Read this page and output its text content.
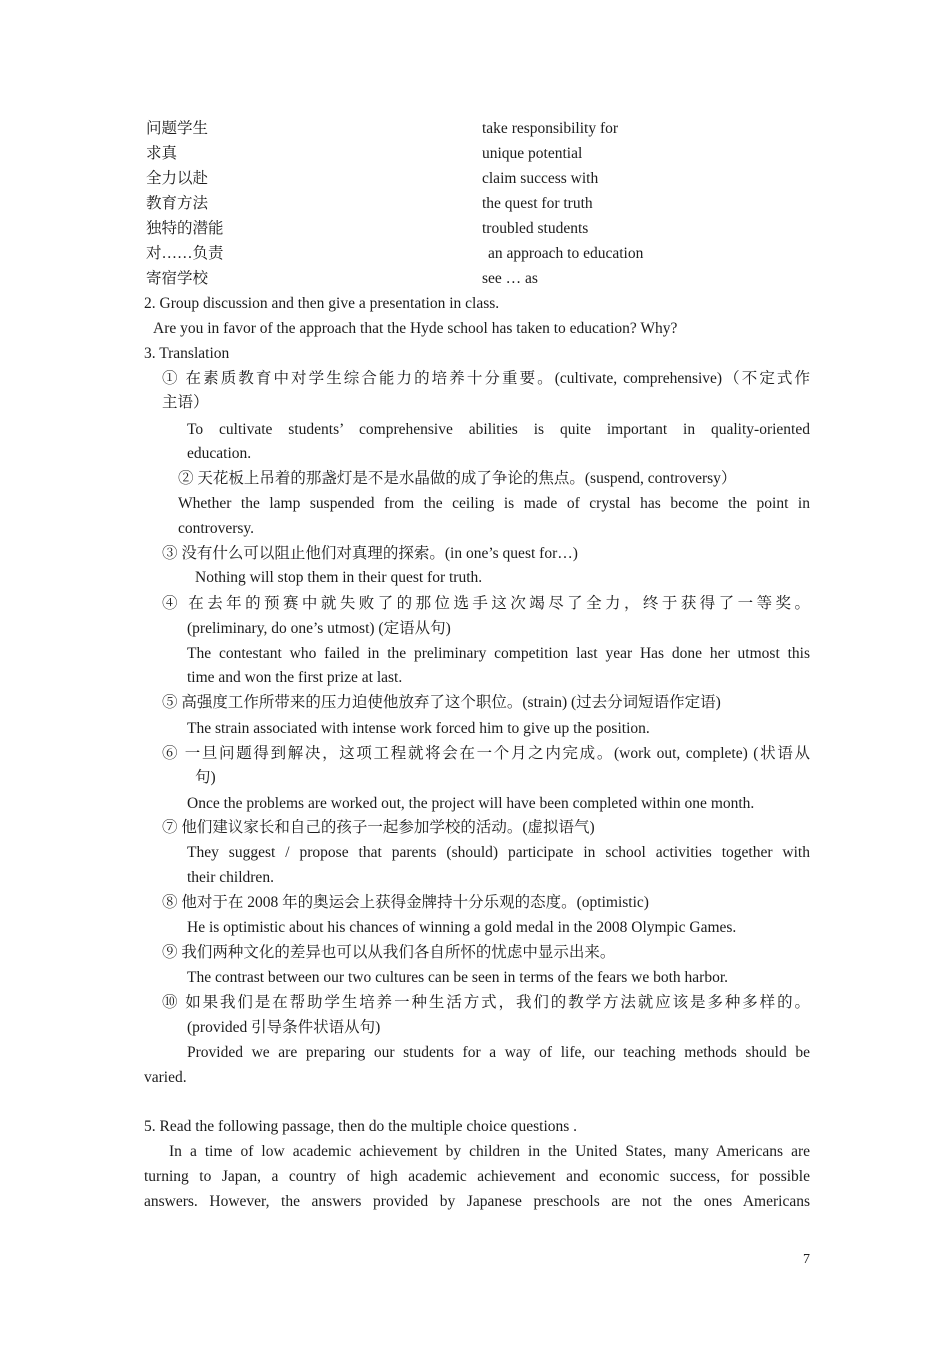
问题学生
求真
全力以赴
教育方法
独特的潜能
对……负责
寄宿学校
take responsibility for
unique potential
claim success with
the quest for truth
troubled students
an approach to education
see … as
2. Group discussion and then give a presentation in class.
Are you in favor of the approach that the Hyde school has taken to education? Why?
3. Translation
① 在素质教育中对学生综合能力的培养十分重要。(cultivate, comprehensive)（不定式作
主语）
To cultivate students’ comprehensive abilities is quite important in quality-oriented
education.
② 天花板上吊着的那盏灯是不是水晶做的成了争论的焦点。(suspend, controversy）
Whether the lamp suspended from the ceiling is made of crystal has become the point in
controversy.
③ 没有什么可以阻止他们对真理的探索。(in one’s quest for…)
Nothing will stop them in their quest for truth.
④ 在去年的预赛中就失败了的那位选手这次竭尽了全力，终于获得了一等奖。
(preliminary, do one’s utmost) (定语从句)
The contestant who failed in the preliminary competition last year Has done her utmost this
time and won the first prize at last.
⑤ 高强度工作所带来的压力迫使他放弃了这个职位。(strain) (过去分词短语作定语)
The strain associated with intense work forced him to give up the position.
⑥ 一旦问题得到解决，这项工程就将会在一个月之内完成。(work out, complete) (状语从
句)
Once the problems are worked out, the project will have been completed within one month.
⑦ 他们建议家长和自己的孩子一起参加学校的活动。(虚拟语气)
They suggest / propose that parents (should) participate in school activities together with
their children.
⑧ 他对于在 2008 年的奥运会上获得金牌持十分乐观的态度。(optimistic)
He is optimistic about his chances of winning a gold medal in the 2008 Olympic Games.
⑨ 我们两种文化的差异也可以从我们各自所怀的忧虑中显示出来。
The contrast between our two cultures can be seen in terms of the fears we both harbor.
⑩ 如果我们是在帮助学生培养一种生活方式，我们的教学方法就应该是多种多样的。
(provided 引导条件状语从句)
Provided we are preparing our students for a way of life, our teaching methods should be
varied.
5. Read the following passage, then do the multiple choice questions .
In a time of low academic achievement by children in the United States, many Americans are
turning to Japan, a country of high academic achievement and economic success, for possible
answers. However, the answers provided by Japanese preschools are not the ones Americans
7
